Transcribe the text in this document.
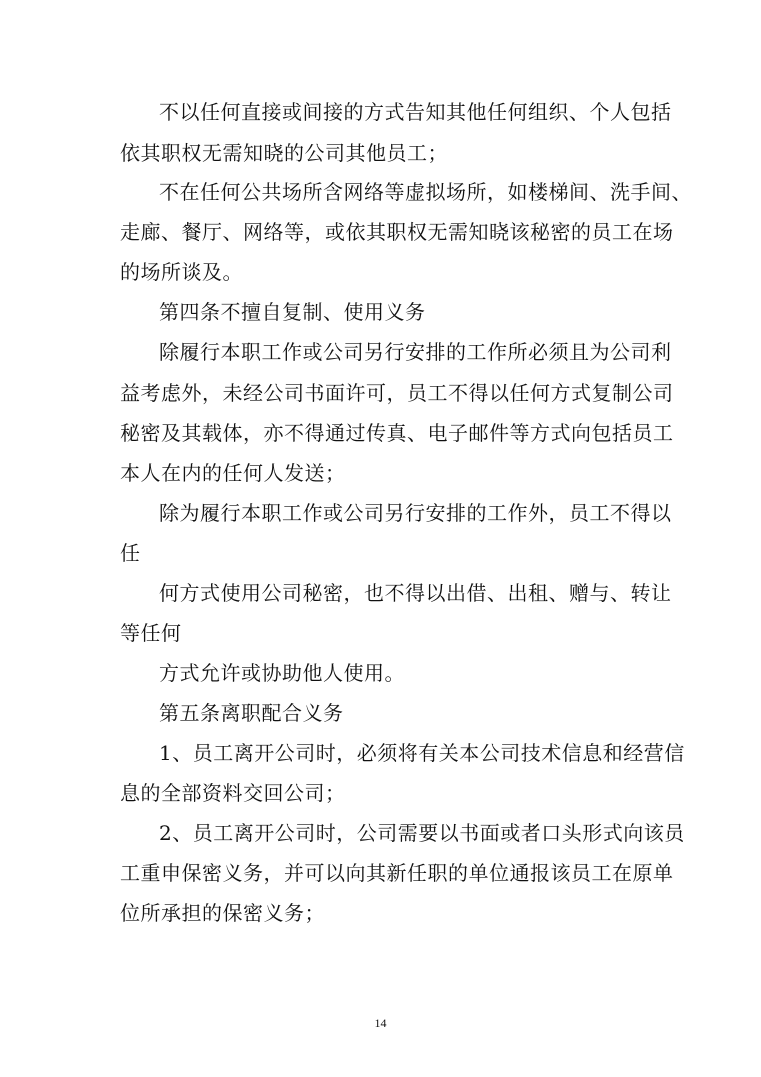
不以任何直接或间接的方式告知其他任何组织、个人包括
依其职权无需知晓的公司其他员工；
不在任何公共场所含网络等虚拟场所，如楼梯间、洗手间、
走廊、餐厅、网络等，或依其职权无需知晓该秘密的员工在场
的场所谈及。
第四条不擅自复制、使用义务
除履行本职工作或公司另行安排的工作所必须且为公司利
益考虑外，未经公司书面许可，员工不得以任何方式复制公司
秘密及其载体，亦不得通过传真、电子邮件等方式向包括员工
本人在内的任何人发送；
除为履行本职工作或公司另行安排的工作外，员工不得以
任
何方式使用公司秘密，也不得以出借、出租、赠与、转让
等任何
方式允许或协助他人使用。
第五条离职配合义务
1、员工离开公司时，必须将有关本公司技术信息和经营信
息的全部资料交回公司；
2、员工离开公司时，公司需要以书面或者口头形式向该员
工重申保密义务，并可以向其新任职的单位通报该员工在原单
位所承担的保密义务；
14
